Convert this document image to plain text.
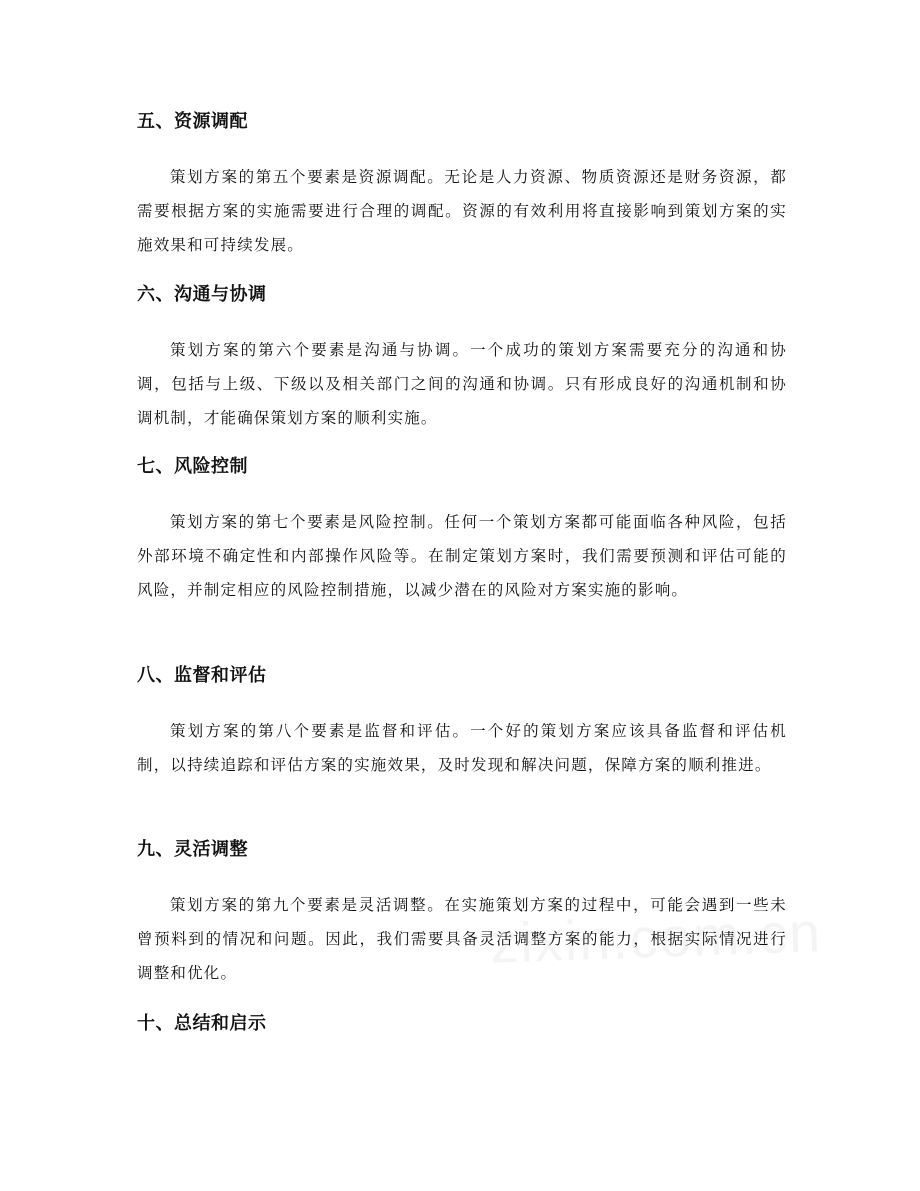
五、资源调配

策划方案的第五个要素是资源调配。无论是人力资源、物质资源还是财务资源，都需要根据方案的实施需要进行合理的调配。资源的有效利用将直接影响到策划方案的实施效果和可持续发展。

六、沟通与协调

策划方案的第六个要素是沟通与协调。一个成功的策划方案需要充分的沟通和协调，包括与上级、下级以及相关部门之间的沟通和协调。只有形成良好的沟通机制和协调机制，才能确保策划方案的顺利实施。

七、风险控制

策划方案的第七个要素是风险控制。任何一个策划方案都可能面临各种风险，包括外部环境不确定性和内部操作风险等。在制定策划方案时，我们需要预测和评估可能的风险，并制定相应的风险控制措施，以减少潜在的风险对方案实施的影响。

八、监督和评估

策划方案的第八个要素是监督和评估。一个好的策划方案应该具备监督和评估机制，以持续追踪和评估方案的实施效果，及时发现和解决问题，保障方案的顺利推进。

九、灵活调整

策划方案的第九个要素是灵活调整。在实施策划方案的过程中，可能会遇到一些未曾预料到的情况和问题。因此，我们需要具备灵活调整方案的能力，根据实际情况进行调整和优化。

十、总结和启示
